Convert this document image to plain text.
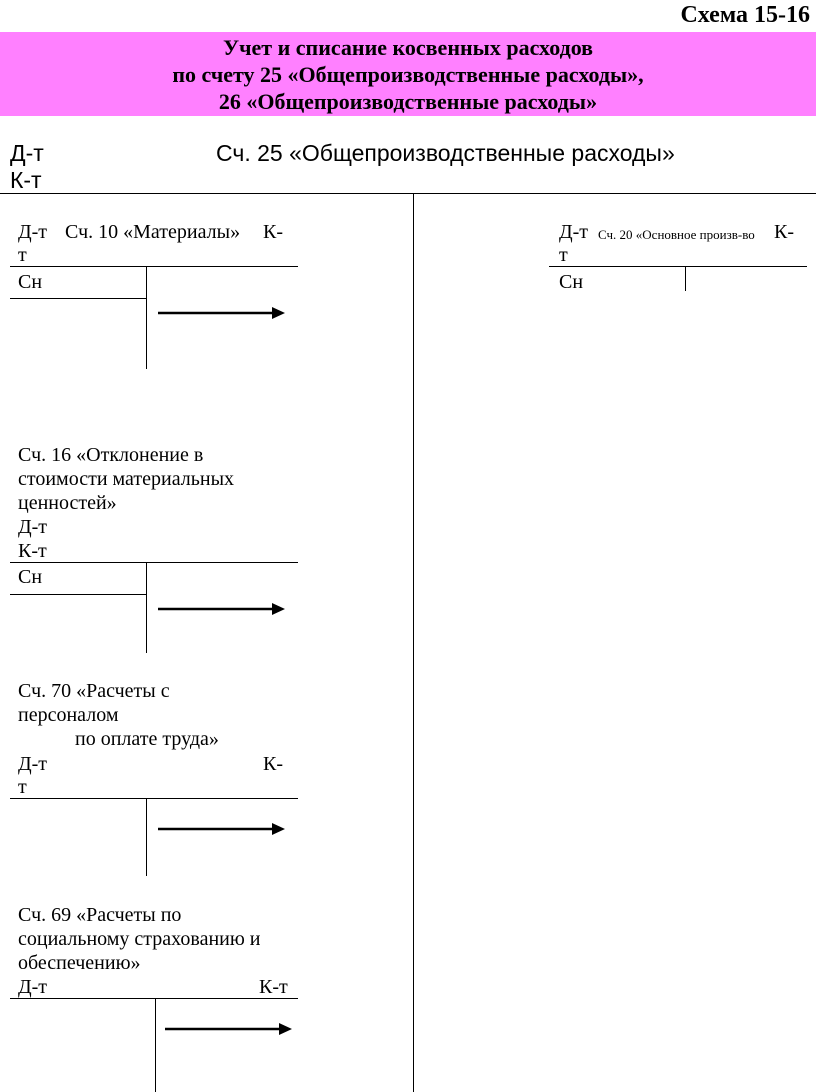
Схема 15-16
Учет и списание косвенных расходов
по счету 25 «Общепроизводственные расходы»,
26 «Общепроизводственные расходы»
Д-т
К-т
Сч. 25 «Общепроизводственные расходы»
Д-т Сч. 10 «Материалы» К-
т
Сн
Сч. 16 «Отклонение в
стоимости материальных
ценностей»
Д-т
К-т
Сн
Сч. 70 «Расчеты с
персоналом
по оплате труда»
Д-т	К-
т
Сч. 69 «Расчеты по
социальному страхованию и
обеспечению»
Д-т	К-т
Д-т Сч. 20 «Основное произв-во К-
т
Сн
